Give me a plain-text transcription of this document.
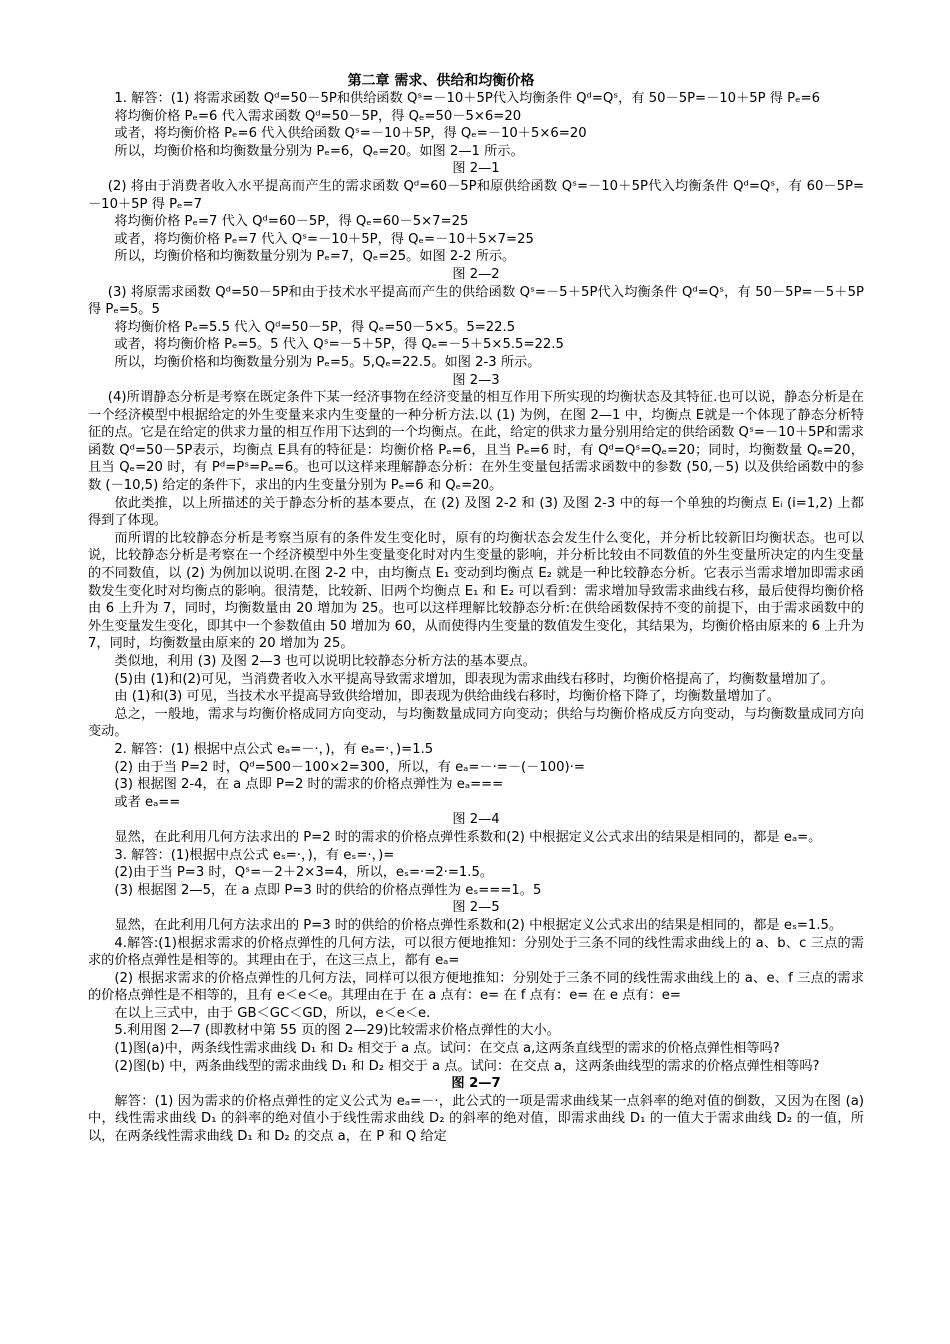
第二章 需求、供给和均衡价格

1. 解答：(1) 将需求函数 Qᵈ=50－5P和供给函数 Qˢ=－10＋5P代入均衡条件 Qᵈ=Qˢ，有 50－5P=－10＋5P 得 Pₑ=6

将均衡价格 Pₑ=6 代入需求函数 Qᵈ=50－5P，得 Qₑ=50－5×6=20

或者，将均衡价格 Pₑ=6 代入供给函数 Qˢ=－10＋5P，得 Qₑ=－10＋5×6=20

所以，均衡价格和均衡数量分别为 Pₑ=6，Qₑ=20。如图 2—1 所示。

图 2—1

(2) 将由于消费者收入水平提高而产生的需求函数 Qᵈ=60－5P和原供给函数 Qˢ=－10＋5P代入均衡条件 Qᵈ=Qˢ，有 60－5P=－10＋5P 得 Pₑ=7

将均衡价格 Pₑ=7 代入 Qᵈ=60－5P，得 Qₑ=60－5×7=25

或者，将均衡价格 Pₑ=7 代入 Qˢ=－10＋5P，得 Qₑ=－10＋5×7=25

所以，均衡价格和均衡数量分别为 Pₑ=7，Qₑ=25。如图 2-2 所示。

图 2—2

(3) 将原需求函数 Qᵈ=50－5P和由于技术水平提高而产生的供给函数 Qˢ=－5＋5P代入均衡条件 Qᵈ=Qˢ，有 50－5P=－5＋5P 得 Pₑ=5。5

将均衡价格 Pₑ=5.5 代入 Qᵈ=50－5P，得 Qₑ=50－5×5。5=22.5

或者，将均衡价格 Pₑ=5。5 代入 Qˢ=－5＋5P，得 Qₑ=－5＋5×5.5=22.5

所以，均衡价格和均衡数量分别为 Pₑ=5。5,Qₑ=22.5。如图 2-3 所示。

图 2—3

(4)所谓静态分析是考察在既定条件下某一经济事物在经济变量的相互作用下所实现的均衡状态及其特征.也可以说，静态分析是在一个经济模型中根据给定的外生变量来求内生变量的一种分析方法.以 (1) 为例，在图 2—1 中，均衡点 E就是一个体现了静态分析特征的点。它是在给定的供求力量的相互作用下达到的一个均衡点。在此，给定的供求力量分别用给定的供给函数 Qˢ=－10＋5P和需求函数 Qᵈ=50－5P表示，均衡点 E具有的特征是：均衡价格 Pₑ=6，且当 Pₑ=6 时，有 Qᵈ=Qˢ=Qₑ=20；同时，均衡数量 Qₑ=20，且当 Qₑ=20 时，有 Pᵈ=Pˢ=Pₑ=6。也可以这样来理解静态分析：在外生变量包括需求函数中的参数 (50,－5) 以及供给函数中的参数 (－10,5) 给定的条件下，求出的内生变量分别为 Pₑ=6 和 Qₑ=20。

依此类推，以上所描述的关于静态分析的基本要点，在 (2) 及图 2-2 和 (3) 及图 2-3 中的每一个单独的均衡点 Eᵢ (i=1,2) 上都得到了体现。

而所谓的比较静态分析是考察当原有的条件发生变化时，原有的均衡状态会发生什么变化，并分析比较新旧均衡状态。也可以说，比较静态分析是考察在一个经济模型中外生变量变化时对内生变量的影响，并分析比较由不同数值的外生变量所决定的内生变量的不同数值，以 (2) 为例加以说明.在图 2-2 中，由均衡点 E₁ 变动到均衡点 E₂ 就是一种比较静态分析。它表示当需求增加即需求函数发生变化时对均衡点的影响。很清楚，比较新、旧两个均衡点 E₁ 和 E₂ 可以看到：需求增加导致需求曲线右移，最后使得均衡价格由 6 上升为 7，同时，均衡数量由 20 增加为 25。也可以这样理解比较静态分析:在供给函数保持不变的前提下，由于需求函数中的外生变量发生变化，即其中一个参数值由 50 增加为 60，从而使得内生变量的数值发生变化，其结果为，均衡价格由原来的 6 上升为 7，同时，均衡数量由原来的 20 增加为 25。

类似地，利用 (3) 及图 2—3 也可以说明比较静态分析方法的基本要点。

(5)由 (1)和(2)可见，当消费者收入水平提高导致需求增加，即表现为需求曲线右移时，均衡价格提高了，均衡数量增加了。

由 (1)和(3) 可见，当技术水平提高导致供给增加，即表现为供给曲线右移时，均衡价格下降了，均衡数量增加了。

总之，一般地，需求与均衡价格成同方向变动，与均衡数量成同方向变动；供给与均衡价格成反方向变动，与均衡数量成同方向变动。

2. 解答：(1) 根据中点公式 eₐ=－·，)，有 eₐ=·，)=1.5

(2) 由于当 P=2 时，Qᵈ=500－100×2=300，所以，有 eₐ=－·=－(－100)·=

(3) 根据图 2-4，在 a 点即 P=2 时的需求的价格点弹性为 eₐ===

或者 eₐ==

图 2—4

显然，在此利用几何方法求出的 P=2 时的需求的价格点弹性系数和(2) 中根据定义公式求出的结果是相同的，都是 eₐ=。

3. 解答：(1)根据中点公式 eₛ=·，)，有 eₛ=·，)=

(2)由于当 P=3 时，Qˢ=－2＋2×3=4，所以，eₛ=·=2·=1.5。

(3) 根据图 2—5，在 a 点即 P=3 时的供给的价格点弹性为 eₛ===1。5

图 2—5

显然，在此利用几何方法求出的 P=3 时的供给的价格点弹性系数和(2) 中根据定义公式求出的结果是相同的，都是 eₛ=1.5。

4.解答:(1)根据求需求的价格点弹性的几何方法，可以很方便地推知：分别处于三条不同的线性需求曲线上的 a、b、c 三点的需求的价格点弹性是相等的。其理由在于，在这三点上，都有 eₐ=

(2) 根据求需求的价格点弹性的几何方法，同样可以很方便地推知：分别处于三条不同的线性需求曲线上的 a、e、f 三点的需求的价格点弹性是不相等的，且有 e＜e＜e。其理由在于 在 a 点有：e= 在 f 点有：e= 在 e 点有：e=

在以上三式中，由于 GB＜GC＜GD，所以，e＜e＜e.

5.利用图 2—7 (即教材中第 55 页的图 2—29)比较需求价格点弹性的大小。

(1)图(a)中，两条线性需求曲线 D₁ 和 D₂ 相交于 a 点。试问：在交点 a,这两条直线型的需求的价格点弹性相等吗?

(2)图(b) 中，两条曲线型的需求曲线 D₁ 和 D₂ 相交于 a 点。试问：在交点 a，这两条曲线型的需求的价格点弹性相等吗?

图 2—7

解答：(1) 因为需求的价格点弹性的定义公式为 eₐ=－·，此公式的一项是需求曲线某一点斜率的绝对值的倒数，又因为在图 (a) 中，线性需求曲线 D₁ 的斜率的绝对值小于线性需求曲线 D₂ 的斜率的绝对值，即需求曲线 D₁ 的一值大于需求曲线 D₂ 的一值，所以，在两条线性需求曲线 D₁ 和 D₂ 的交点 a，在 P 和 Q 给定
